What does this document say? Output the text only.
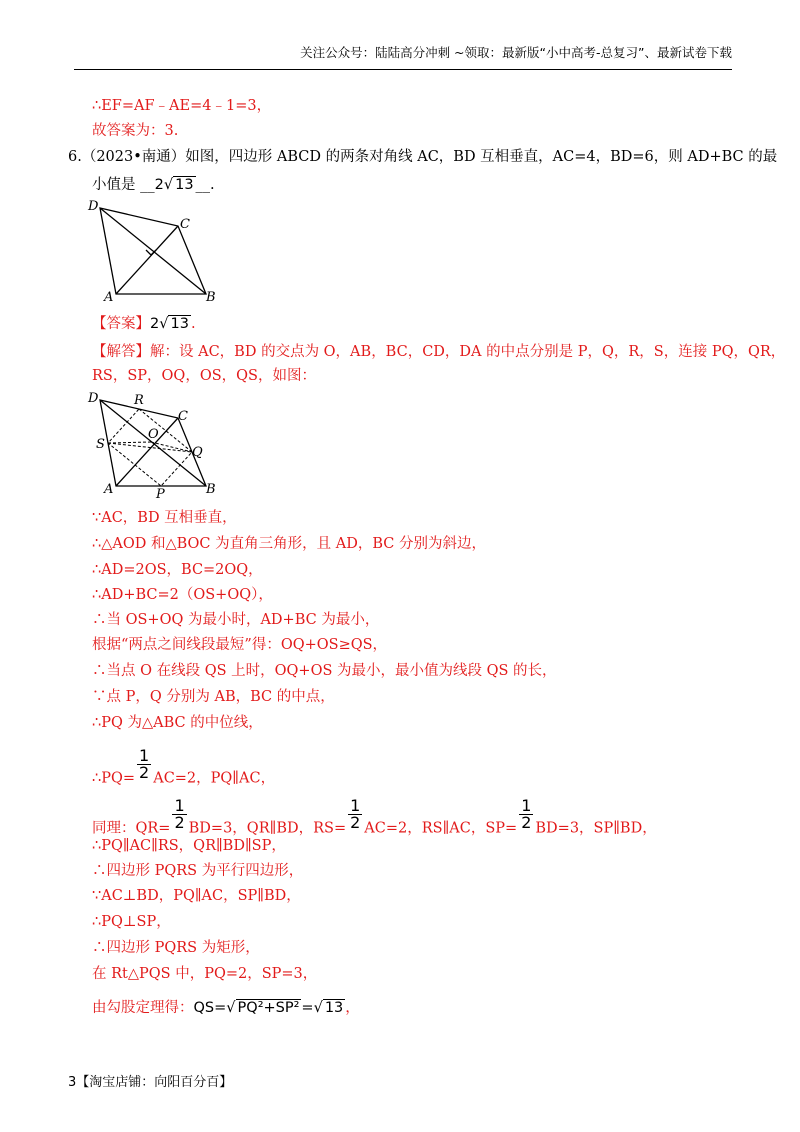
关注公众号：陆陆高分冲刺 ~领取：最新版“小中高考-总复习”、最新试卷下载
∴EF=AF﹣AE=4﹣1=3，
故答案为：3.
6.（2023•南通）如图，四边形 ABCD 的两条对角线 AC，BD 互相垂直，AC=4，BD=6，则 AD+BC 的最
小值是 __2√ 13 __.
D
C
A	B
【答案】2√ 13 .
【解答】解：设 AC，BD 的交点为 O，AB，BC，CD，DA 的中点分别是 P，Q，R，S，连接 PQ，QR，
RS，SP，OQ，OS，QS，如图：
D	R
C
S
O
Q
A	P	B
∵AC，BD 互相垂直，
∴△AOD 和△BOC 为直角三角形，且 AD，BC 分别为斜边，
∴AD=2OS，BC=2OQ，
∴AD+BC=2（OS+OQ），
∴当 OS+OQ 为最小时，AD+BC 为最小，
根据“两点之间线段最短”得：OQ+OS≥QS，
∴当点 O 在线段 QS 上时，OQ+OS 为最小，最小值为线段 QS 的长，
∵点 P，Q 分别为 AB，BC 的中点，
∴PQ 为△ABC 的中位线，
∴PQ= $\frac{1}{2} AC=2$，PQ∥AC，
同理：$QR= \frac{1}{2} BD=3$，QR∥BD，$RS= \frac{1}{2} AC=2$，RS∥AC，$SP= \frac{1}{2} BD=3$，SP∥BD，
∴PQ∥AC∥RS，QR∥BD∥SP，
∴四边形 PQRS 为平行四边形，
∵AC⊥BD，PQ∥AC，SP∥BD，
∴PQ⊥SP，
∴四边形 PQRS 为矩形，
在 Rt△PQS 中，PQ=2，SP=3，
由勾股定理得：QS=√ PQ²+SP² =√ 13 ，
3【淘宝店铺：向阳百分百】
